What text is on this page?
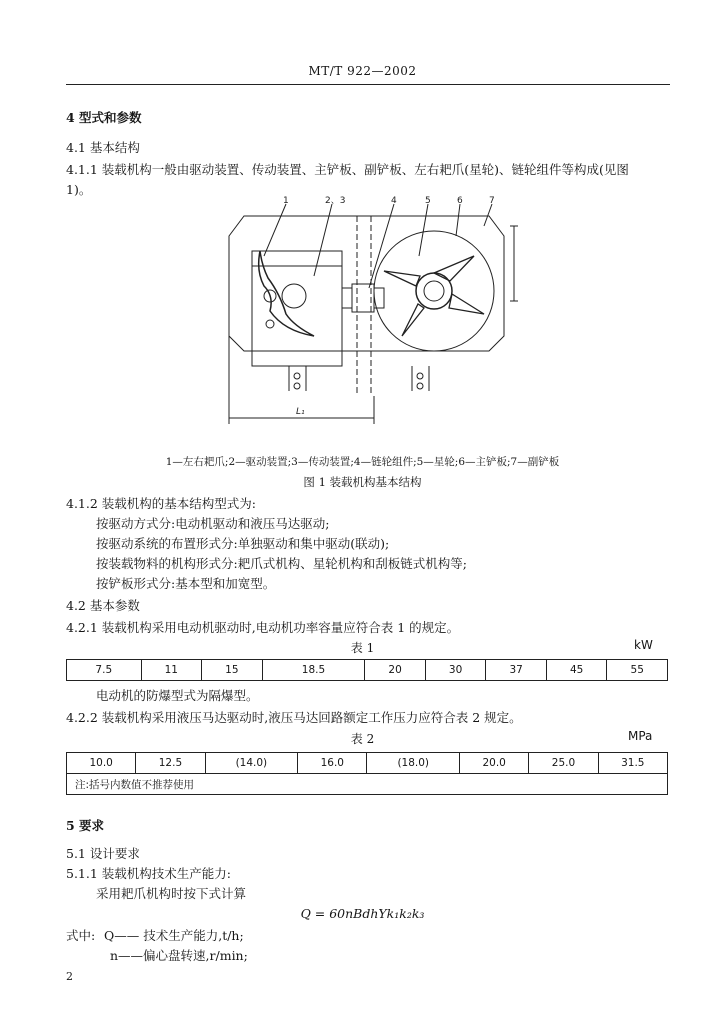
MT/T 922—2002
4 型式和参数
4.1 基本结构
4.1.1 装载机构一般由驱动装置、传动装置、主铲板、副铲板、左右耙爪(星轮)、链轮组件等构成(见图
1)。
1	2、3	4	5	6	7
L₁
1—左右耙爪;2—驱动装置;3—传动装置;4—链轮组件;5—星轮;6—主铲板;7—副铲板
图 1 装载机构基本结构
4.1.2 装载机构的基本结构型式为:
按驱动方式分:电动机驱动和液压马达驱动;
按驱动系统的布置形式分:单独驱动和集中驱动(联动);
按装载物料的机构形式分:耙爪式机构、星轮机构和刮板链式机构等;
按铲板形式分:基本型和加宽型。
4.2 基本参数
4.2.1 装载机构采用电动机驱动时,电动机功率容量应符合表 1 的规定。
表 1	kW
7.5	11	15	18.5	20	30	37	45	55
电动机的防爆型式为隔爆型。
4.2.2 装载机构采用液压马达驱动时,液压马达回路额定工作压力应符合表 2 规定。
表 2	MPa
10.0	12.5	(14.0)	16.0	(18.0)	20.0	25.0	31.5
注:括号内数值不推荐使用
5 要求
5.1 设计要求
5.1.1 装载机构技术生产能力:
采用耙爪机构时按下式计算
Q = 60nBdhYk₁k₂k₃
式中: Q—— 技术生产能力,t/h;
n——偏心盘转速,r/min;
2
